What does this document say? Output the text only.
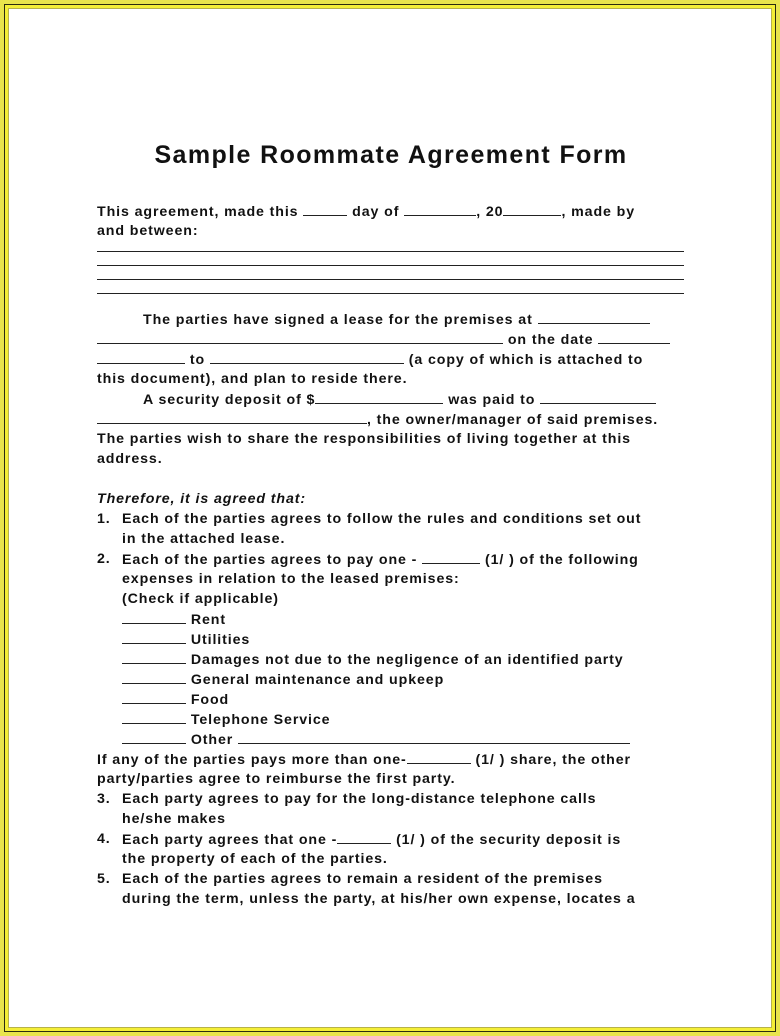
Sample Roommate Agreement Form
This agreement, made this	day of	, 20	, made by
and between:
The parties have signed a lease for the premises at
on the date
to	(a copy of which is attached to
this document), and plan to reside there.
A security deposit of $	was paid to
, the owner/manager of said premises.
The parties wish to share the responsibilities of living together at this
address.
Therefore, it is agreed that:
1. Each of the parties agrees to follow the rules and conditions set out
in the attached lease.
2. Each of the parties agrees to pay one -	(1/ ) of the following
expenses in relation to the leased premises:
(Check if applicable)
Rent
Utilities
Damages not due to the negligence of an identified party
General maintenance and upkeep
Food
Telephone Service
Other
If any of the parties pays more than one-	(1/ ) share, the other
party/parties agree to reimburse the first party.
3. Each party agrees to pay for the long-distance telephone calls
he/she makes
4. Each party agrees that one -	(1/ ) of the security deposit is
the property of each of the parties.
5. Each of the parties agrees to remain a resident of the premises
during the term, unless the party, at his/her own expense, locates a
